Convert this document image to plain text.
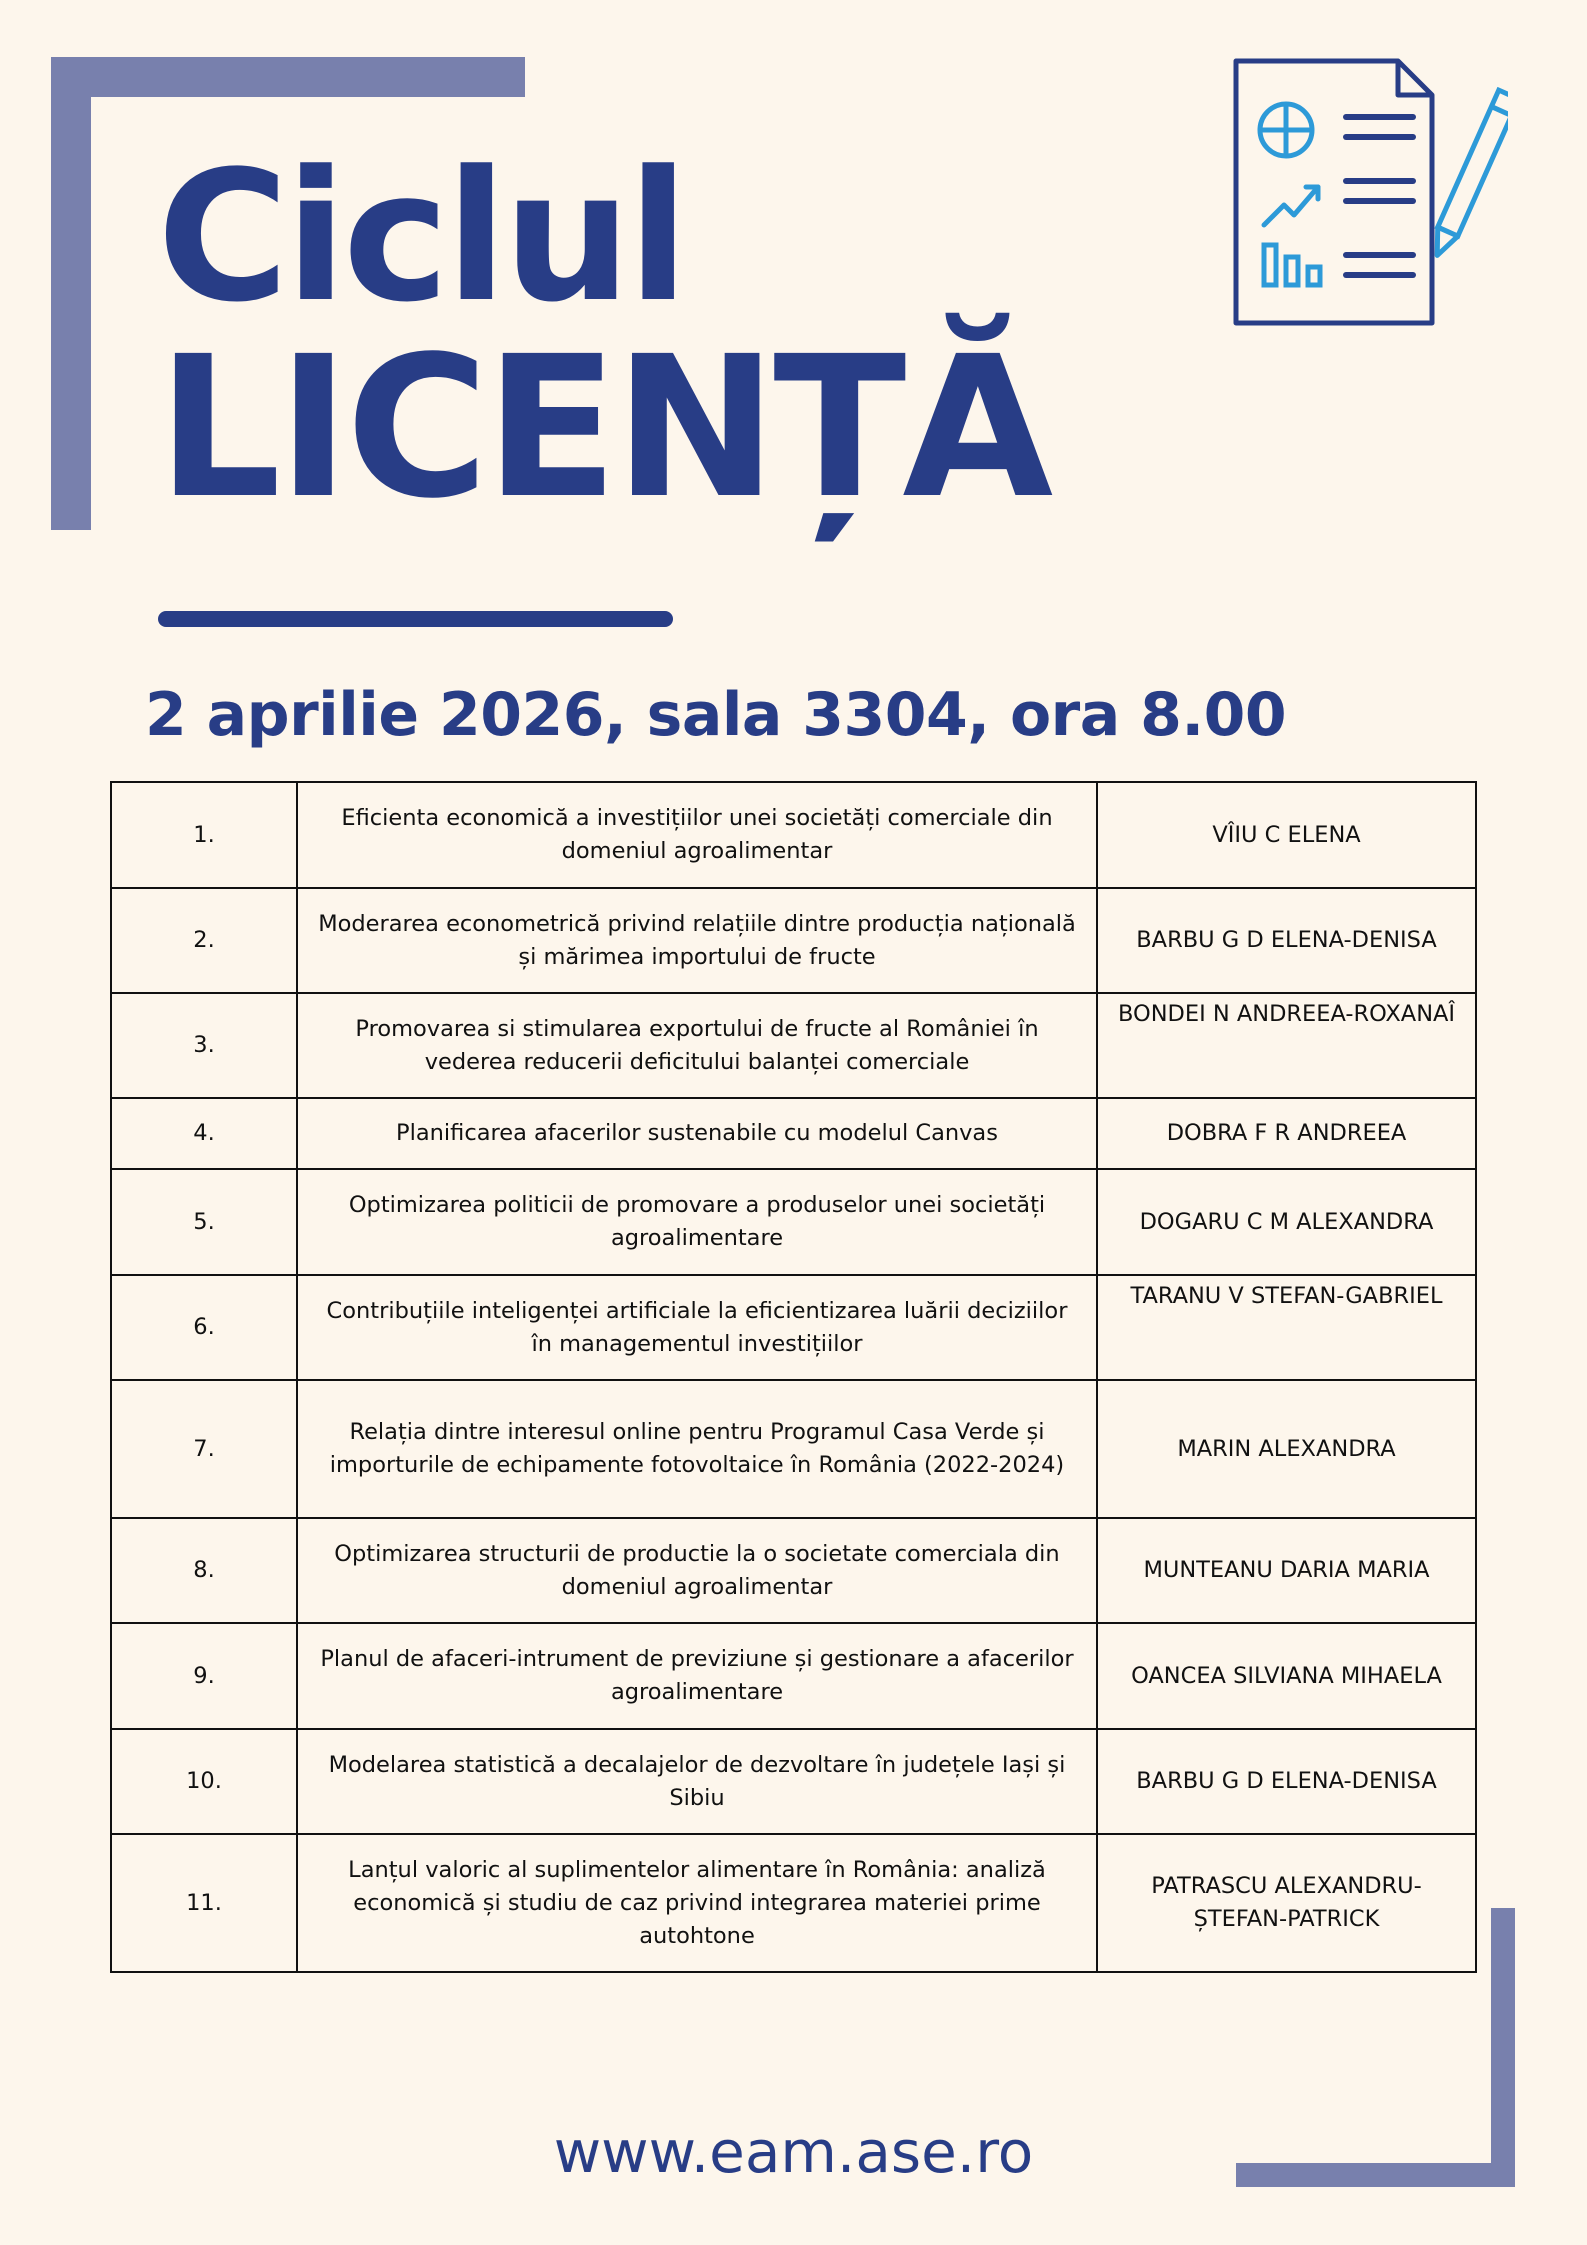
Ciclul
LICENȚĂ
2 aprilie 2026, sala 3304, ora 8.00
1.	Eficienta economică a investițiilor unei societăți comerciale din domeniul agroalimentar	VÎIU C ELENA
2.	Moderarea econometrică privind relațiile dintre producția națională și mărimea importului de fructe	BARBU G D ELENA-DENISA
3.	Promovarea si stimularea exportului de fructe al României în vederea reducerii deficitului balanței comerciale	BONDEI N ANDREEA-ROXANAÎ
4.	Planificarea afacerilor sustenabile cu modelul Canvas	DOBRA F R ANDREEA
5.	Optimizarea politicii de promovare a produselor unei societăți agroalimentare	DOGARU C M ALEXANDRA
6.	Contribuțiile inteligenței artificiale la eficientizarea luării deciziilor în managementul investițiilor	TARANU V STEFAN-GABRIEL
7.	Relația dintre interesul online pentru Programul Casa Verde și importurile de echipamente fotovoltaice în România (2022-2024)	MARIN ALEXANDRA
8.	Optimizarea structurii de productie la o societate comerciala din domeniul agroalimentar	MUNTEANU DARIA MARIA
9.	Planul de afaceri-intrument de previziune și gestionare a afacerilor agroalimentare	OANCEA SILVIANA MIHAELA
10.	Modelarea statistică a decalajelor de dezvoltare în județele Iași și Sibiu	BARBU G D ELENA-DENISA
11.	Lanțul valoric al suplimentelor alimentare în România: analiză economică și studiu de caz privind integrarea materiei prime autohtone	PATRASCU ALEXANDRU-ȘTEFAN-PATRICK

www.eam.ase.ro
